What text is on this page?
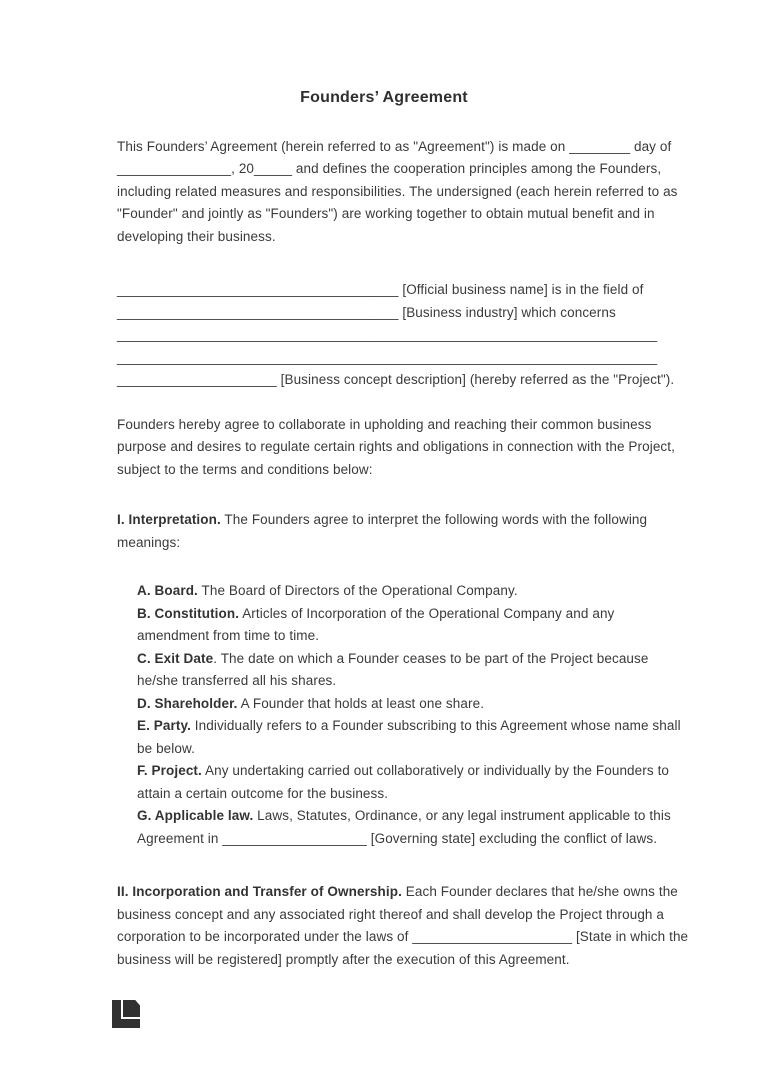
Founders’ Agreement
This Founders’ Agreement (herein referred to as "Agreement") is made on ________ day of
_______________, 20_____ and defines the cooperation principles among the Founders,
including related measures and responsibilities. The undersigned (each herein referred to as
"Founder" and jointly as "Founders") are working together to obtain mutual benefit and in
developing their business.
_____________________________________ [Official business name] is in the field of
_____________________________________ [Business industry] which concerns
_______________________________________________________________________
_______________________________________________________________________
_____________________ [Business concept description] (hereby referred as the "Project").
Founders hereby agree to collaborate in upholding and reaching their common business
purpose and desires to regulate certain rights and obligations in connection with the Project,
subject to the terms and conditions below:
I. Interpretation. The Founders agree to interpret the following words with the following
meanings:
A. Board. The Board of Directors of the Operational Company.
B. Constitution. Articles of Incorporation of the Operational Company and any
amendment from time to time.
C. Exit Date. The date on which a Founder ceases to be part of the Project because
he/she transferred all his shares.
D. Shareholder. A Founder that holds at least one share.
E. Party. Individually refers to a Founder subscribing to this Agreement whose name shall
be below.
F. Project. Any undertaking carried out collaboratively or individually by the Founders to
attain a certain outcome for the business.
G. Applicable law. Laws, Statutes, Ordinance, or any legal instrument applicable to this
Agreement in ___________________ [Governing state] excluding the conflict of laws.
II. Incorporation and Transfer of Ownership. Each Founder declares that he/she owns the
business concept and any associated right thereof and shall develop the Project through a
corporation to be incorporated under the laws of _____________________ [State in which the
business will be registered] promptly after the execution of this Agreement.
